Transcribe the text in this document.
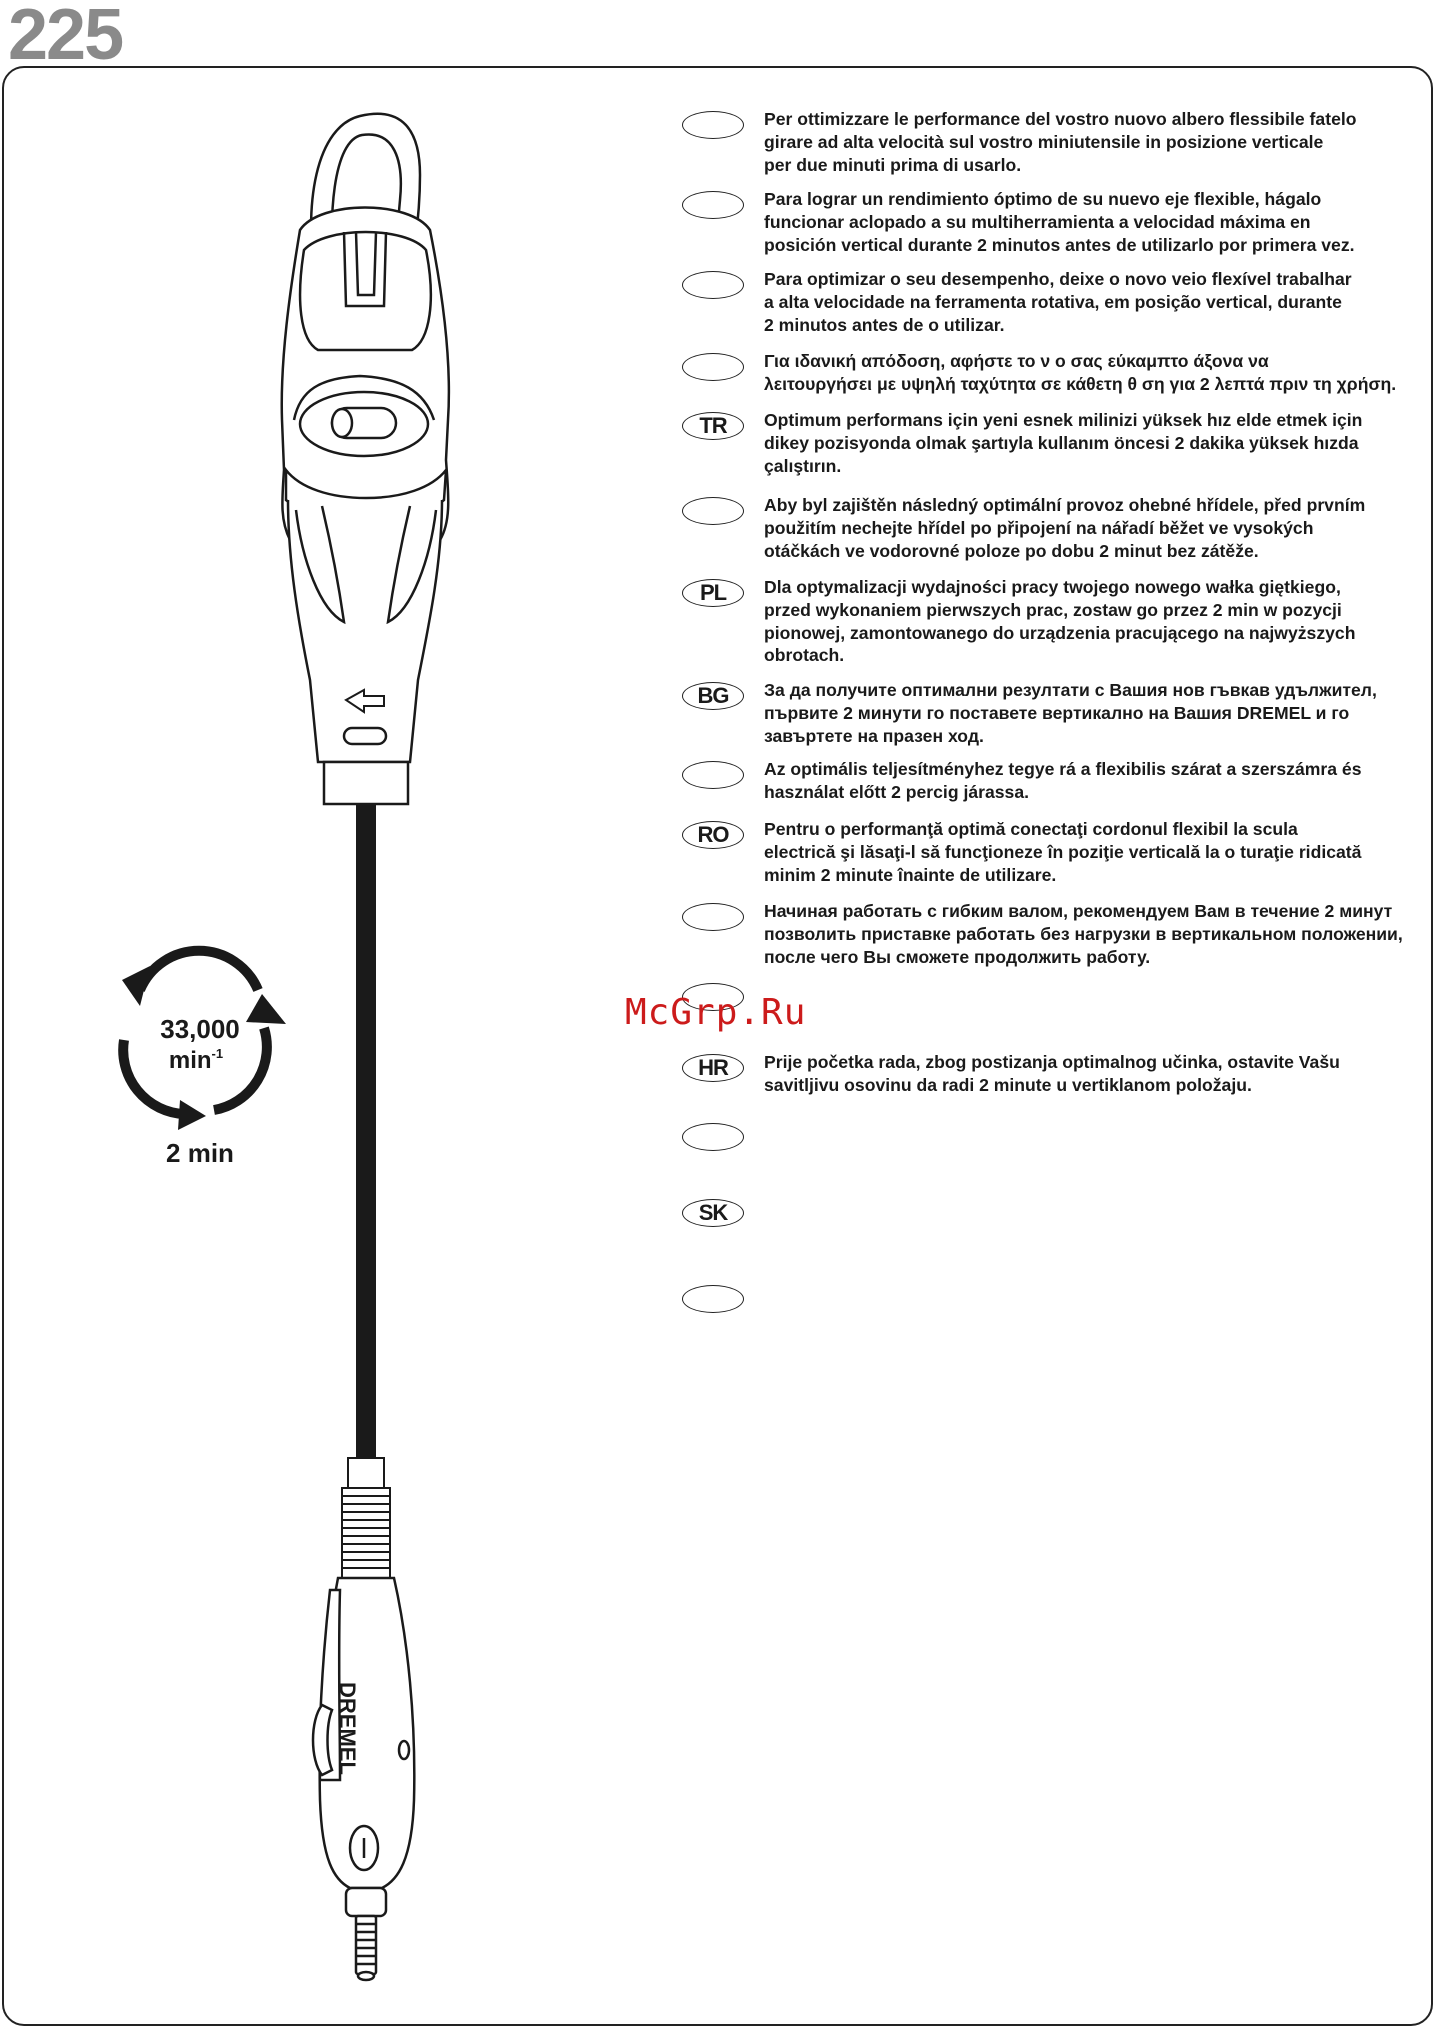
225
DREMEL
33,000
$\min^{-1}$
2 min
Per ottimizzare le performance del vostro nuovo albero flessibile fatelo
girare ad alta velocità sul vostro miniutensile in posizione verticale
per due minuti prima di usarlo.
Para lograr un rendimiento óptimo de su nuevo eje flexible, hágalo
funcionar aclopado a su multiherramienta a velocidad máxima en
posición vertical durante 2 minutos antes de utilizarlo por primera vez.
Para optimizar o seu desempenho, deixe o novo veio flexível trabalhar
a alta velocidade na ferramenta rotativa, em posição vertical, durante
2 minutos antes de o utilizar.
Για ιδανική απόδοση, αφήστε το ν ο σας εύκαμπτο άξονα να
λειτουργήσει με υψηλή ταχύτητα σε κάθετη θ ση για 2 λεπτά πριν τη χρήση.
TR	Optimum performans için yeni esnek milinizi yüksek hız elde etmek için
dikey pozisyonda olmak şartıyla kullanım öncesi 2 dakika yüksek hızda
çalıştırın.
Aby byl zajištěn následný optimální provoz ohebné hřídele, před prvním
použitím nechejte hřídel po připojení na nářadí běžet ve vysokých
otáčkách ve vodorovné poloze po dobu 2 minut bez zátěže.
PL	Dla optymalizacji wydajności pracy twojego nowego wałka giętkiego,
przed wykonaniem pierwszych prac, zostaw go przez 2 min w pozycji
pionowej, zamontowanego do urządzenia pracującego na najwyższych
obrotach.
BG	За да получите оптимални резултати с Вашия нов гъвкав удължител,
първите 2 минути го поставете вертикално на Вашия DREMEL и го
завъртете на празен ход.
Az optimális teljesítményhez tegye rá a flexibilis szárat a szerszámra és
használat előtt 2 percig járassa.
RO	Pentru o performanţă optimă conectaţi cordonul flexibil la scula
electrică şi lăsaţi-l să funcţioneze în poziţie verticală la o turaţie ridicată
minim 2 minute înainte de utilizare.
Начиная работать с гибким валом, рекомендуем Вам в течение 2 минут
позволить приставке работать без нагрузки в вертикальном положении,
после чего Вы сможете продолжить работу.
HR	Prije početka rada, zbog postizanja optimalnog učinka, ostavite Vašu
savitljivu osovinu da radi 2 minute u vertiklanom položaju.
SK
McGrp.Ru
